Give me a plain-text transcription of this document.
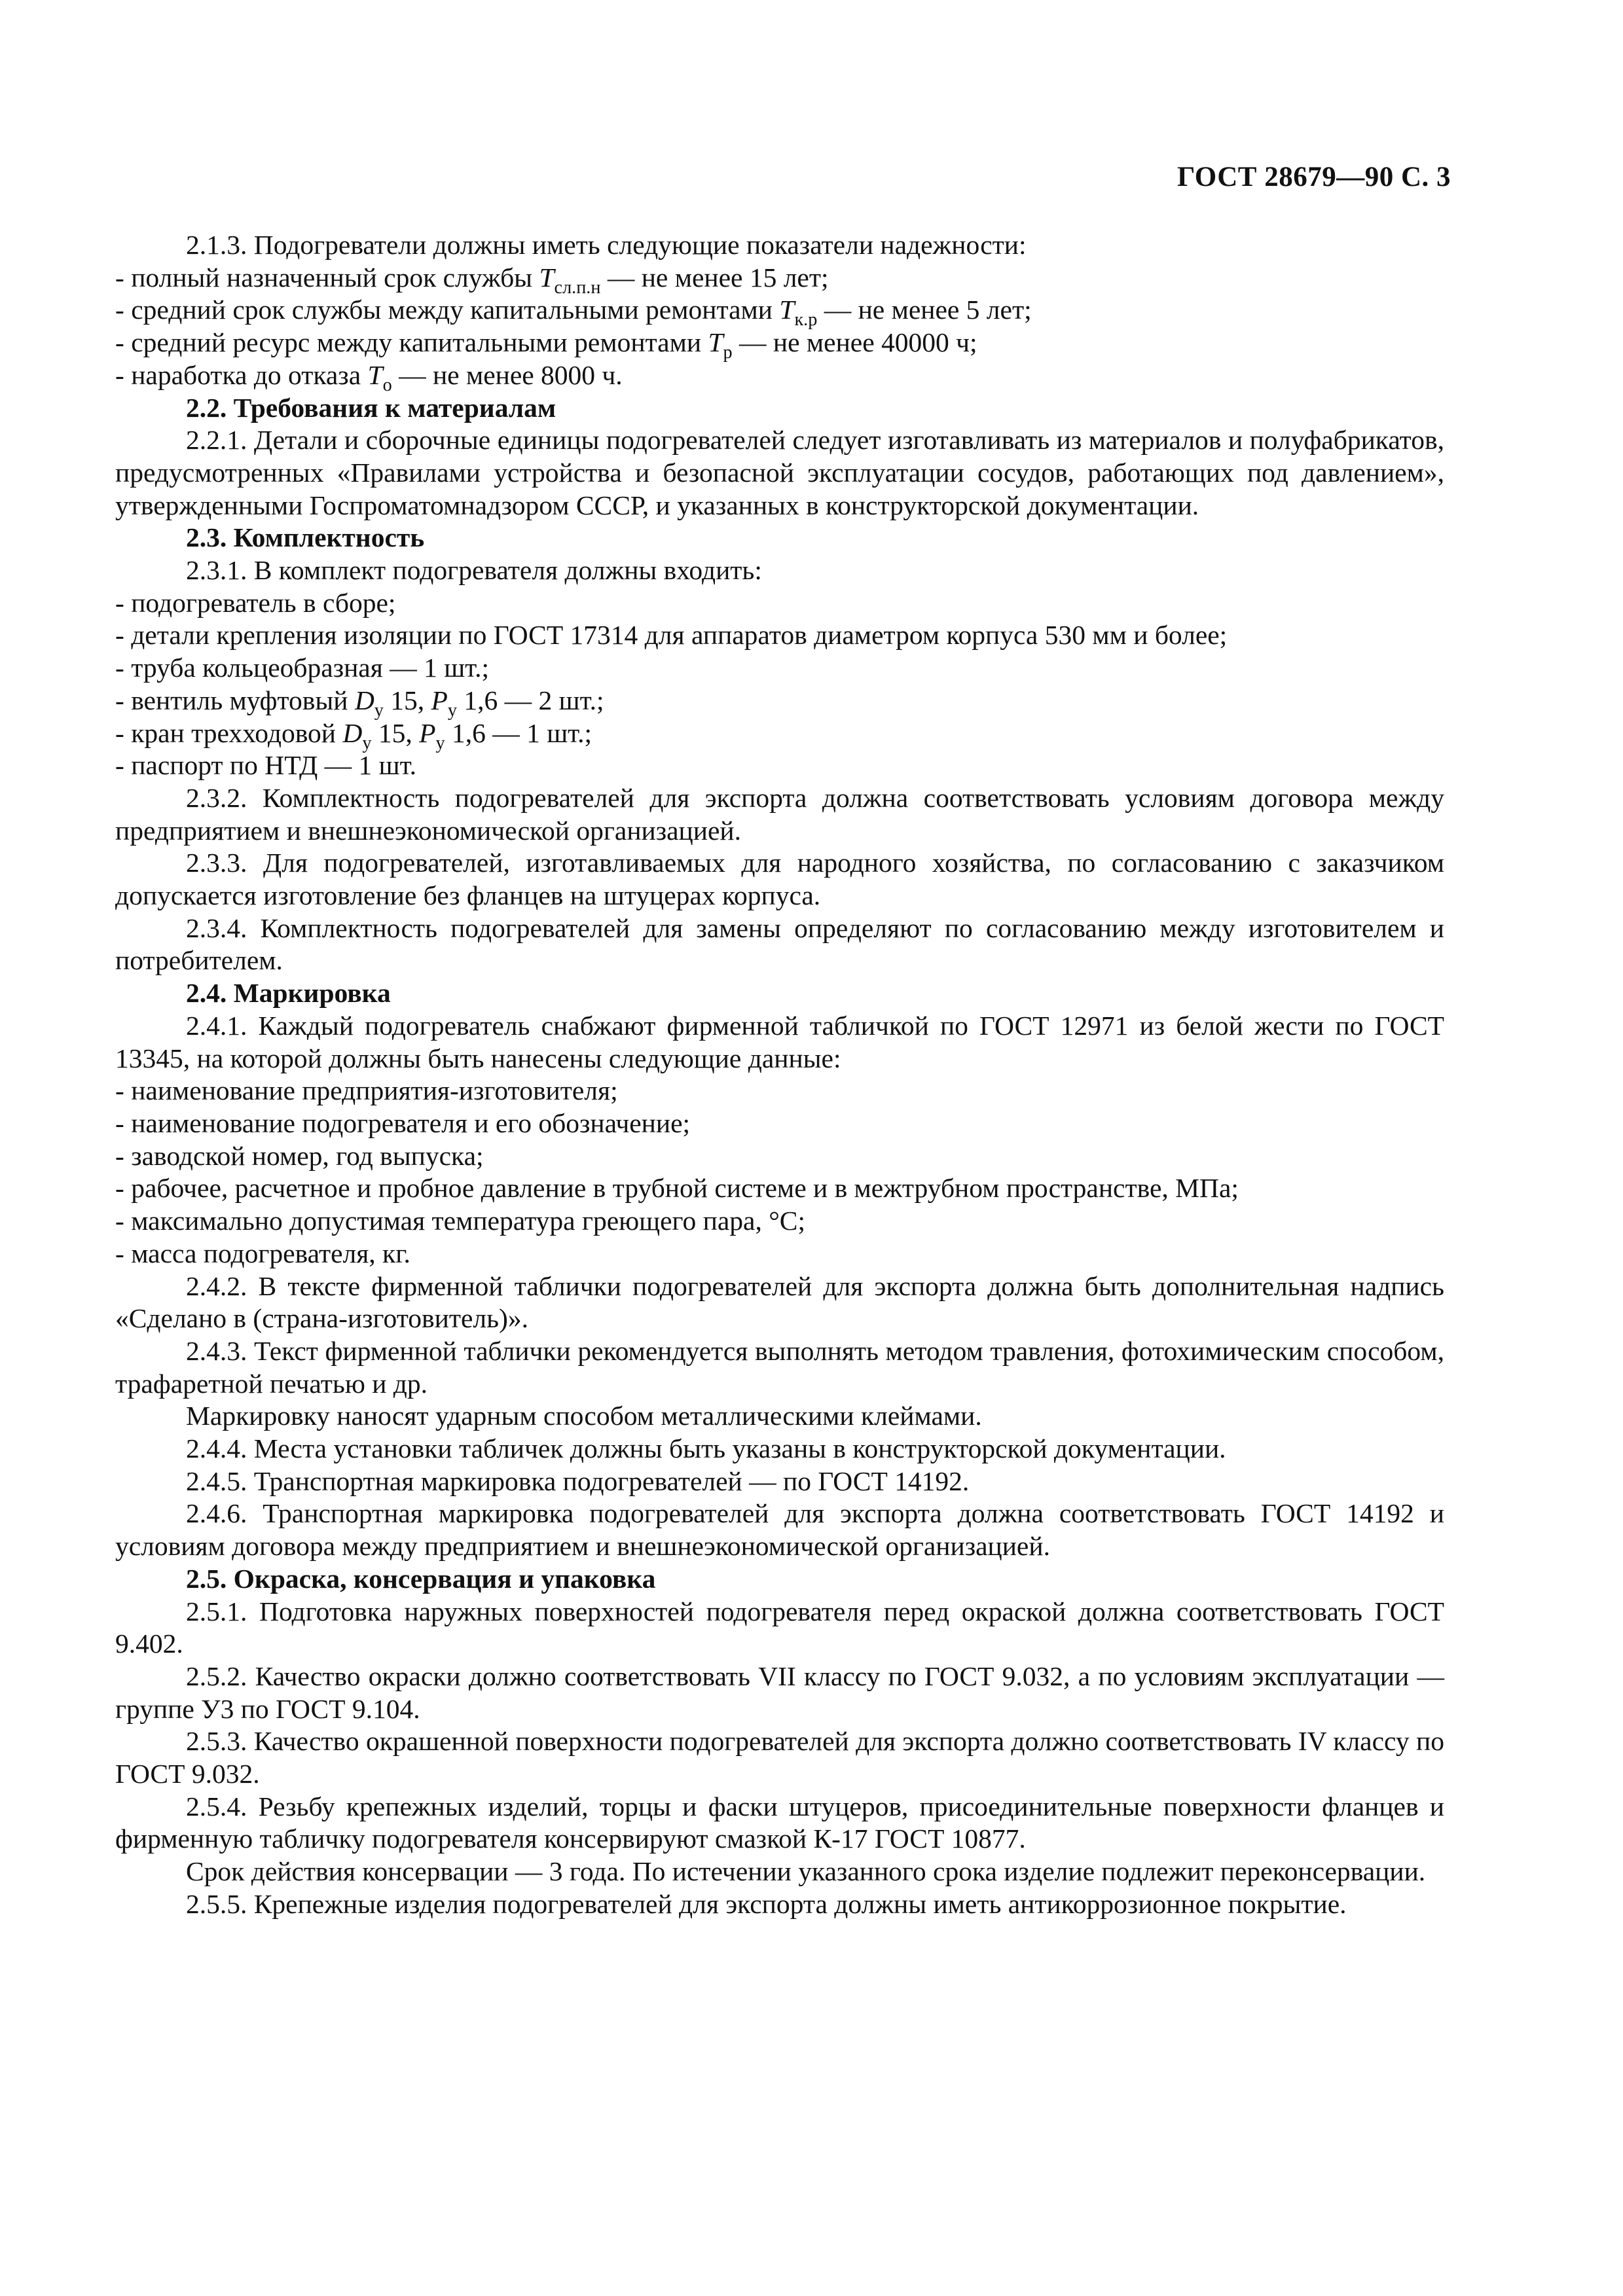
ГОСТ 28679—90 С. 3

2.1.3. Подогреватели должны иметь следующие показатели надежности:

- полный назначенный срок службы $T_{сл.п.н}$ — не менее 15 лет;

- средний срок службы между капитальными ремонтами $T_{к.р}$ — не менее 5 лет;

- средний ресурс между капитальными ремонтами $T_р$ — не менее 40000 ч;

- наработка до отказа $T_о$ — не менее 8000 ч.

2.2. Требования к материалам

2.2.1. Детали и сборочные единицы подогревателей следует изготавливать из материалов и полуфабрикатов, предусмотренных «Правилами устройства и безопасной эксплуатации сосудов, работающих под давлением», утвержденными Госпроматомнадзором СССР, и указанных в конструкторской документации.

2.3. Комплектность

2.3.1. В комплект подогревателя должны входить:

- подогреватель в сборе;

- детали крепления изоляции по ГОСТ 17314 для аппаратов диаметром корпуса 530 мм и более;

- труба кольцеобразная — 1 шт.;

- вентиль муфтовый $D_у$ 15, $P_у$ 1,6 — 2 шт.;

- кран трехходовой $D_у$ 15, $P_у$ 1,6 — 1 шт.;

- паспорт по НТД — 1 шт.

2.3.2. Комплектность подогревателей для экспорта должна соответствовать условиям договора между предприятием и внешнеэкономической организацией.

2.3.3. Для подогревателей, изготавливаемых для народного хозяйства, по согласованию с заказчиком допускается изготовление без фланцев на штуцерах корпуса.

2.3.4. Комплектность подогревателей для замены определяют по согласованию между изготовителем и потребителем.

2.4. Маркировка

2.4.1. Каждый подогреватель снабжают фирменной табличкой по ГОСТ 12971 из белой жести по ГОСТ 13345, на которой должны быть нанесены следующие данные:

- наименование предприятия-изготовителя;

- наименование подогревателя и его обозначение;

- заводской номер, год выпуска;

- рабочее, расчетное и пробное давление в трубной системе и в межтрубном пространстве, МПа;

- максимально допустимая температура греющего пара, °С;

- масса подогревателя, кг.

2.4.2. В тексте фирменной таблички подогревателей для экспорта должна быть дополнительная надпись «Сделано в (страна-изготовитель)».

2.4.3. Текст фирменной таблички рекомендуется выполнять методом травления, фотохимическим способом, трафаретной печатью и др.

Маркировку наносят ударным способом металлическими клеймами.

2.4.4. Места установки табличек должны быть указаны в конструкторской документации.

2.4.5. Транспортная маркировка подогревателей — по ГОСТ 14192.

2.4.6. Транспортная маркировка подогревателей для экспорта должна соответствовать ГОСТ 14192 и условиям договора между предприятием и внешнеэкономической организацией.

2.5. Окраска, консервация и упаковка

2.5.1. Подготовка наружных поверхностей подогревателя перед окраской должна соответствовать ГОСТ 9.402.

2.5.2. Качество окраски должно соответствовать VII классу по ГОСТ 9.032, а по условиям эксплуатации — группе У3 по ГОСТ 9.104.

2.5.3. Качество окрашенной поверхности подогревателей для экспорта должно соответствовать IV классу по ГОСТ 9.032.

2.5.4. Резьбу крепежных изделий, торцы и фаски штуцеров, присоединительные поверхности фланцев и фирменную табличку подогревателя консервируют смазкой К-17 ГОСТ 10877.

Срок действия консервации — 3 года. По истечении указанного срока изделие подлежит переконсервации.

2.5.5. Крепежные изделия подогревателей для экспорта должны иметь антикоррозионное покрытие.
